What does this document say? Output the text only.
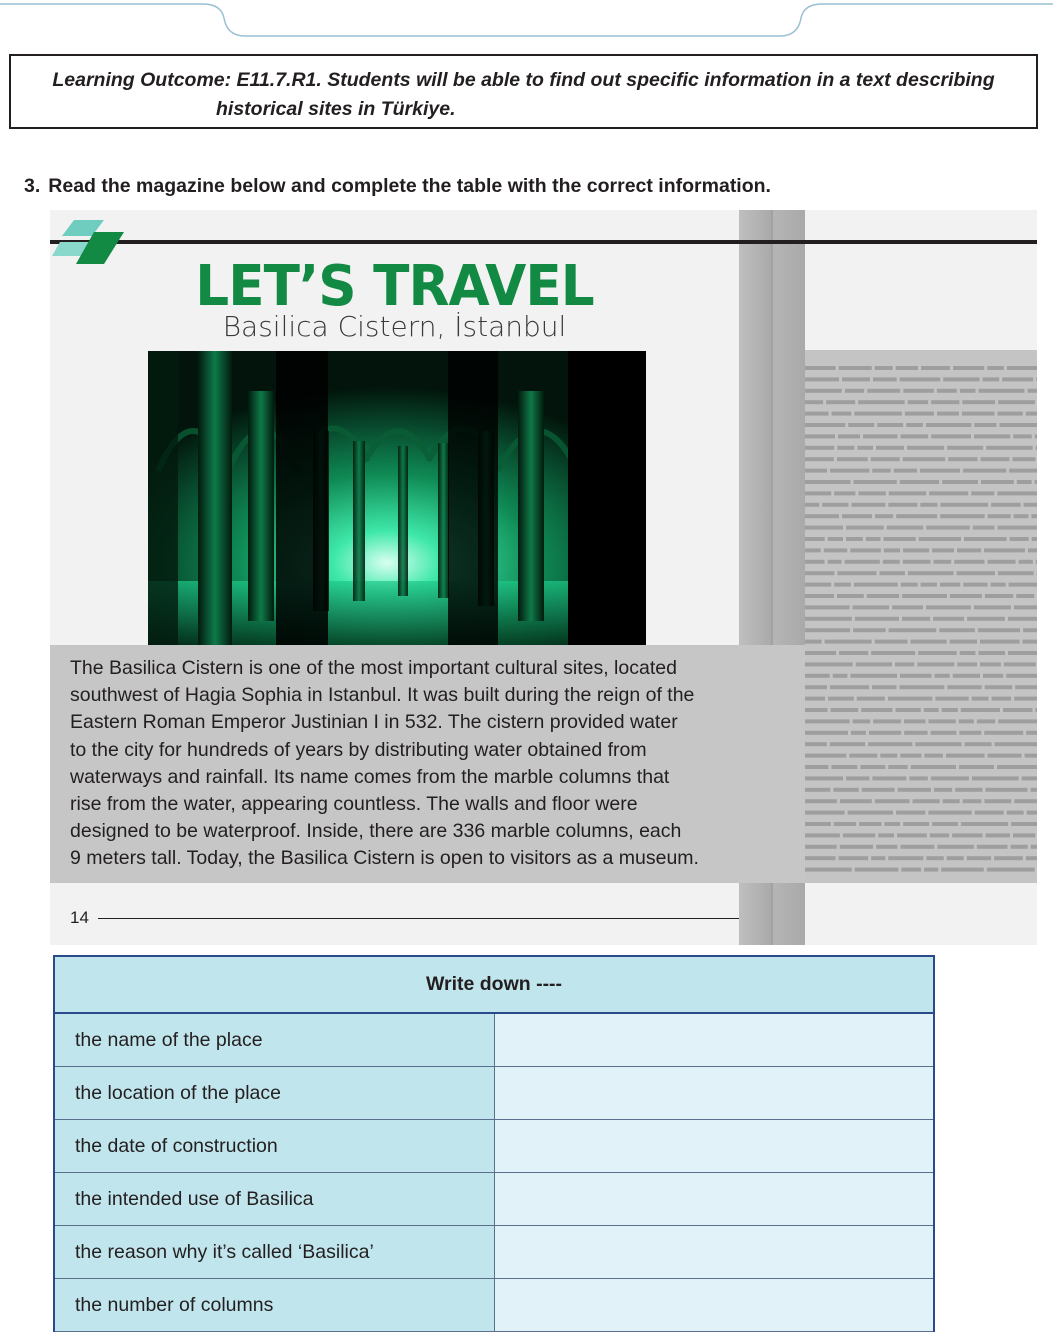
Learning Outcome: E11.7.R1. Students will be able to find out specific information in a text describing
historical sites in Türkiye.
3. Read the magazine below and complete the table with the correct information.
LET’S TRAVEL
Basilica Cistern, İstanbul
The Basilica Cistern is one of the most important cultural sites, located
southwest of Hagia Sophia in Istanbul. It was built during the reign of the
Eastern Roman Emperor Justinian I in 532. The cistern provided water
to the city for hundreds of years by distributing water obtained from
waterways and rainfall. Its name comes from the marble columns that
rise from the water, appearing countless. The walls and floor were
designed to be waterproof. Inside, there are 336 marble columns, each
9 meters tall. Today, the Basilica Cistern is open to visitors as a museum.
14
Write down ----	
the name of the place	
the location of the place	
the date of construction	
the intended use of Basilica	
the reason why it’s called ‘Basilica’	
the number of columns	
